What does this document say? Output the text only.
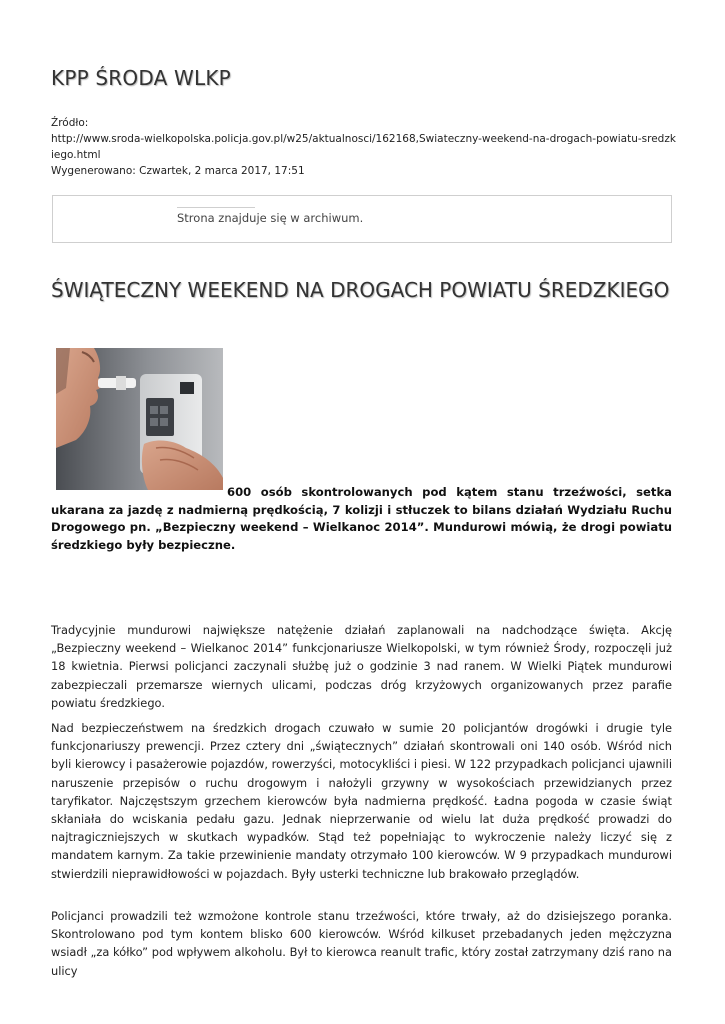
KPP ŚRODA WLKP
Źródło:
http://www.sroda-wielkopolska.policja.gov.pl/w25/aktualnosci/162168,Swiateczny-weekend-na-drogach-powiatu-sredzkiego.html
Wygenerowano: Czwartek, 2 marca 2017, 17:51
Strona znajduje się w archiwum.
ŚWIĄTECZNY WEEKEND NA DROGACH POWIATU ŚREDZKIEGO
600 osób skontrolowanych pod kątem stanu trzeźwości, setka ukarana za jazdę z nadmierną prędkością, 7 kolizji i stłuczek to bilans działań Wydziału Ruchu Drogowego pn. „Bezpieczny weekend – Wielkanoc 2014”. Mundurowi mówią, że drogi powiatu średzkiego były bezpieczne.

Tradycyjnie mundurowi największe natężenie działań zaplanowali na nadchodzące święta. Akcję „Bezpieczny weekend – Wielkanoc 2014” funkcjonariusze Wielkopolski, w tym również Środy, rozpoczęli już 18 kwietnia. Pierwsi policjanci zaczynali służbę już o godzinie 3 nad ranem. W Wielki Piątek mundurowi zabezpieczali przemarsze wiernych ulicami, podczas dróg krzyżowych organizowanych przez parafie powiatu średzkiego.

Nad bezpieczeństwem na średzkich drogach czuwało w sumie 20 policjantów drogówki i drugie tyle funkcjonariuszy prewencji. Przez cztery dni „świątecznych” działań skontrowali oni 140 osób. Wśród nich byli kierowcy i pasażerowie pojazdów, rowerzyści, motocykliści i piesi. W 122 przypadkach policjanci ujawnili naruszenie przepisów o ruchu drogowym i nałożyli grzywny w wysokościach przewidzianych przez taryfikator. Najczęstszym grzechem kierowców była nadmierna prędkość. Ładna pogoda w czasie świąt skłaniała do wciskania pedału gazu. Jednak nieprzerwanie od wielu lat duża prędkość prowadzi do najtragiczniejszych w skutkach wypadków. Stąd też popełniając to wykroczenie należy liczyć się z mandatem karnym. Za takie przewinienie mandaty otrzymało 100 kierowców. W 9 przypadkach mundurowi stwierdzili nieprawidłowości w pojazdach. Były usterki techniczne lub brakowało przeglądów.

Policjanci prowadzili też wzmożone kontrole stanu trzeźwości, które trwały, aż do dzisiejszego poranka. Skontrolowano pod tym kontem blisko 600 kierowców. Wśród kilkuset przebadanych jeden mężczyzna wsiadł „za kółko” pod wpływem alkoholu. Był to kierowca reanult trafic, który został zatrzymany dziś rano na ulicy
